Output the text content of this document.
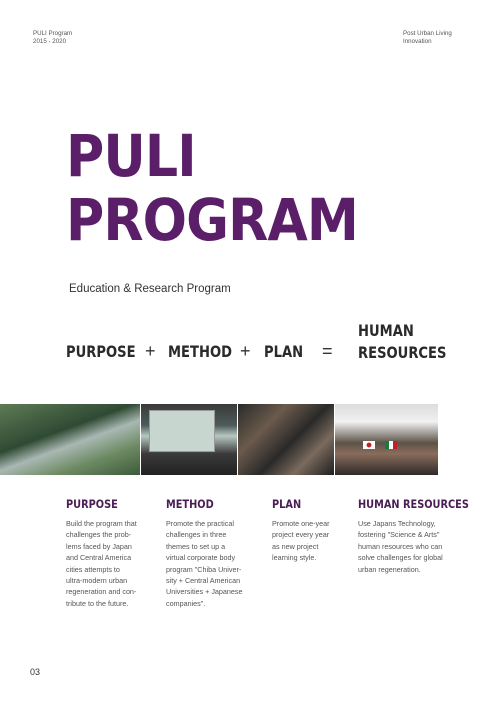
PULI Program
2015 - 2020
Post Urban Living
Innovation
PULI
PROGRAM
Education & Research Program
PURPOSE + METHOD + PLAN =
HUMAN
RESOURCES
PURPOSE
Build the program that
challenges the prob-
lems faced by Japan
and Central America
cities attempts to
ultra-modern urban
regeneration and con-
tribute to the future.
METHOD
Promote the practical
challenges in three
themes to set up a
virtual corporate body
program "Chiba Univer-
sity + Central American
Universities + Japanese
companies".
PLAN
Promote one-year
project every year
as new project
learning style.
HUMAN RESOURCES
Use Japans Technology,
fostering "Science & Arts"
human resources who can
solve challenges for global
urban regeneration.
03
